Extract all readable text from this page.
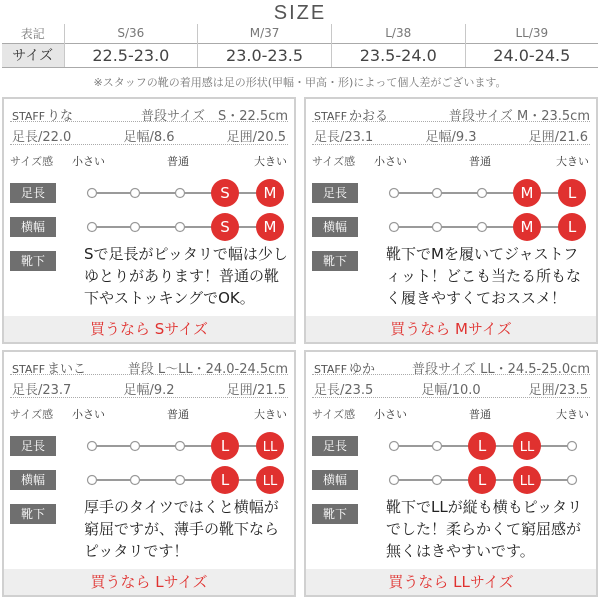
SIZE
表記	S/36	M/37	L/38	LL/39
サイズ	22.5-23.0	23.0-23.5	23.5-24.0	24.0-24.5
※スタッフの靴の着用感は足の形状(甲幅・甲高・形)によって個人差がございます。
STAFF りな	普段サイズ　S・22.5cm
足長/22.0	足幅/8.6	足囲/20.5
サイズ感 小さい	普通	大きい
足長
横幅
靴下
S M
S M
Sで足長がピッタリで幅は少しゆとりがあります！普通の靴下やストッキングでOK。
買うなら Sサイズ
STAFF かおる	普段サイズ M・23.5cm
足長/23.1	足幅/9.3	足囲/21.6
サイズ感 小さい	普通	大きい
足長
横幅
靴下
M L
M L
靴下でMを履いてジャストフィット！どこも当たる所もなく履きやすくておススメ！
買うなら Mサイズ
STAFF まいこ	普段 L〜LL・24.0-24.5cm
足長/23.7	足幅/9.2	足囲/21.5
サイズ感 小さい	普通	大きい
足長
横幅
靴下
L	LL
L	LL
厚手のタイツではくと横幅が窮屈ですが、薄手の靴下ならピッタリです！
買うなら Lサイズ
STAFF ゆか	普段サイズ LL・24.5-25.0cm
足長/23.5	足幅/10.0	足囲/23.5
サイズ感 小さい	普通	大きい
足長
横幅
靴下
L	LL
L	LL
靴下でLLが縦も横もピッタリでした！柔らかくて窮屈感が無くはきやすいです。
買うなら LLサイズ
